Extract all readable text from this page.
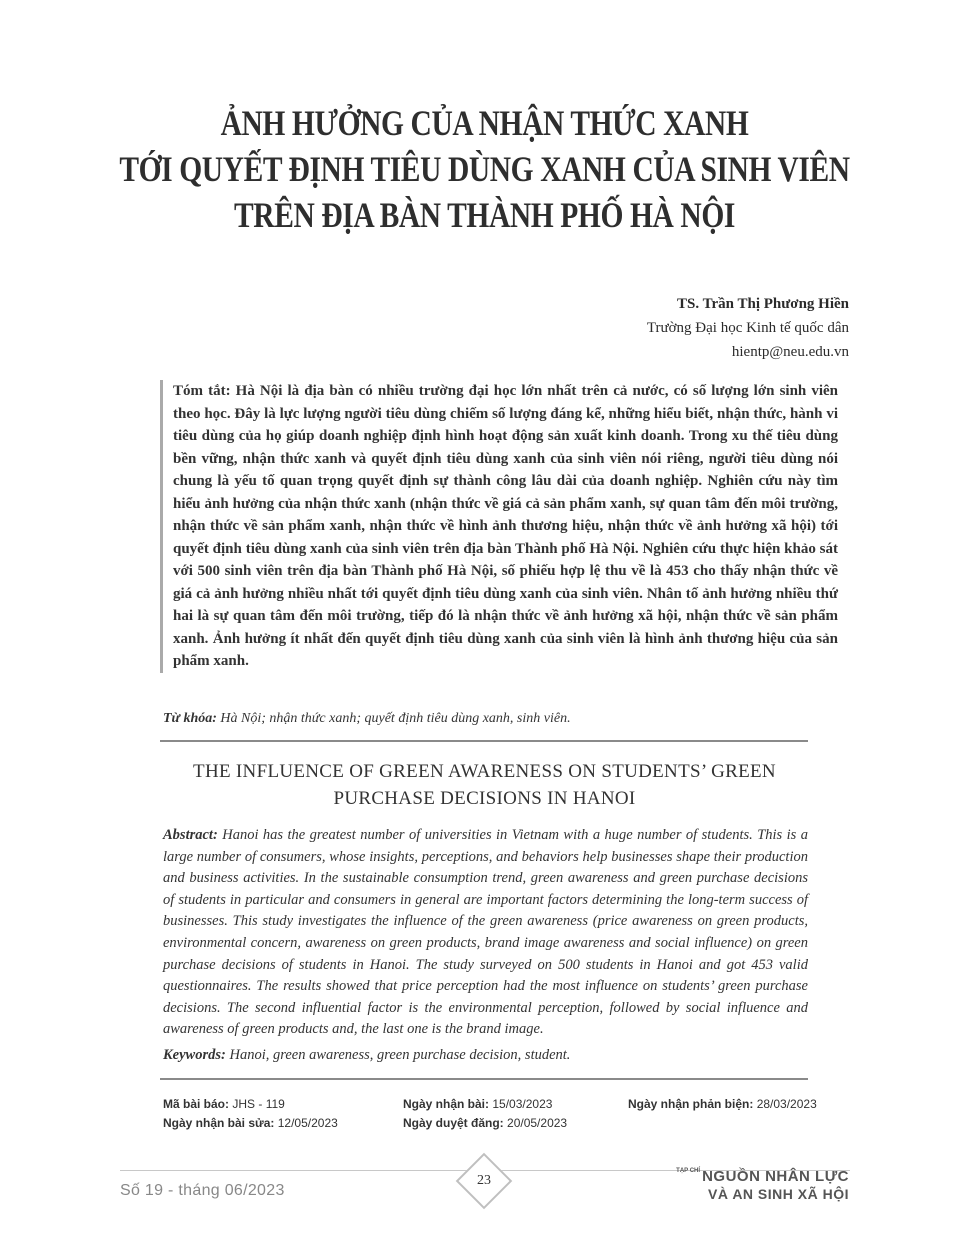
ẢNH HƯỞNG CỦA NHẬN THỨC XANH
TỚI QUYẾT ĐỊNH TIÊU DÙNG XANH CỦA SINH VIÊN
TRÊN ĐỊA BÀN THÀNH PHỐ HÀ NỘI
TS. Trần Thị Phương Hiền
Trường Đại học Kinh tế quốc dân
hientp@neu.edu.vn
Tóm tắt: Hà Nội là địa bàn có nhiều trường đại học lớn nhất trên cả nước, có số lượng lớn sinh viên theo học. Đây là lực lượng người tiêu dùng chiếm số lượng đáng kể, những hiểu biết, nhận thức, hành vi tiêu dùng của họ giúp doanh nghiệp định hình hoạt động sản xuất kinh doanh. Trong xu thế tiêu dùng bền vững, nhận thức xanh và quyết định tiêu dùng xanh của sinh viên nói riêng, người tiêu dùng nói chung là yếu tố quan trọng quyết định sự thành công lâu dài của doanh nghiệp. Nghiên cứu này tìm hiểu ảnh hưởng của nhận thức xanh (nhận thức về giá cả sản phẩm xanh, sự quan tâm đến môi trường, nhận thức về sản phẩm xanh, nhận thức về hình ảnh thương hiệu, nhận thức về ảnh hưởng xã hội) tới quyết định tiêu dùng xanh của sinh viên trên địa bàn Thành phố Hà Nội. Nghiên cứu thực hiện khảo sát với 500 sinh viên trên địa bàn Thành phố Hà Nội, số phiếu hợp lệ thu về là 453 cho thấy nhận thức về giá cả ảnh hưởng nhiều nhất tới quyết định tiêu dùng xanh của sinh viên. Nhân tố ảnh hưởng nhiều thứ hai là sự quan tâm đến môi trường, tiếp đó là nhận thức về ảnh hưởng xã hội, nhận thức về sản phẩm xanh. Ảnh hưởng ít nhất đến quyết định tiêu dùng xanh của sinh viên là hình ảnh thương hiệu của sản phẩm xanh.
Từ khóa: Hà Nội; nhận thức xanh; quyết định tiêu dùng xanh, sinh viên.
THE INFLUENCE OF GREEN AWARENESS ON STUDENTS’ GREEN
PURCHASE DECISIONS IN HANOI
Abstract: Hanoi has the greatest number of universities in Vietnam with a huge number of students. This is a large number of consumers, whose insights, perceptions, and behaviors help businesses shape their production and business activities. In the sustainable consumption trend, green awareness and green purchase decisions of students in particular and consumers in general are important factors determining the long-term success of businesses. This study investigates the influence of the green awareness (price awareness on green products, environmental concern, awareness on green products, brand image awareness and social influence) on green purchase decisions of students in Hanoi. The study surveyed on 500 students in Hanoi and got 453 valid questionnaires. The results showed that price perception had the most influence on students’ green purchase decisions. The second influential factor is the environmental perception, followed by social influence and awareness of green products and, the last one is the brand image.
Keywords: Hanoi, green awareness, green purchase decision, student.
Mã bài báo: JHS - 119	Ngày nhận bài: 15/03/2023	Ngày nhận phản biện: 28/03/2023
Ngày nhận bài sửa: 12/05/2023	Ngày duyệt đăng: 20/05/2023
Số 19 - tháng 06/2023
23
$^{TẠP CHÍ}$ NGUỒN NHÂN LỰC
VÀ AN SINH XÃ HỘI
